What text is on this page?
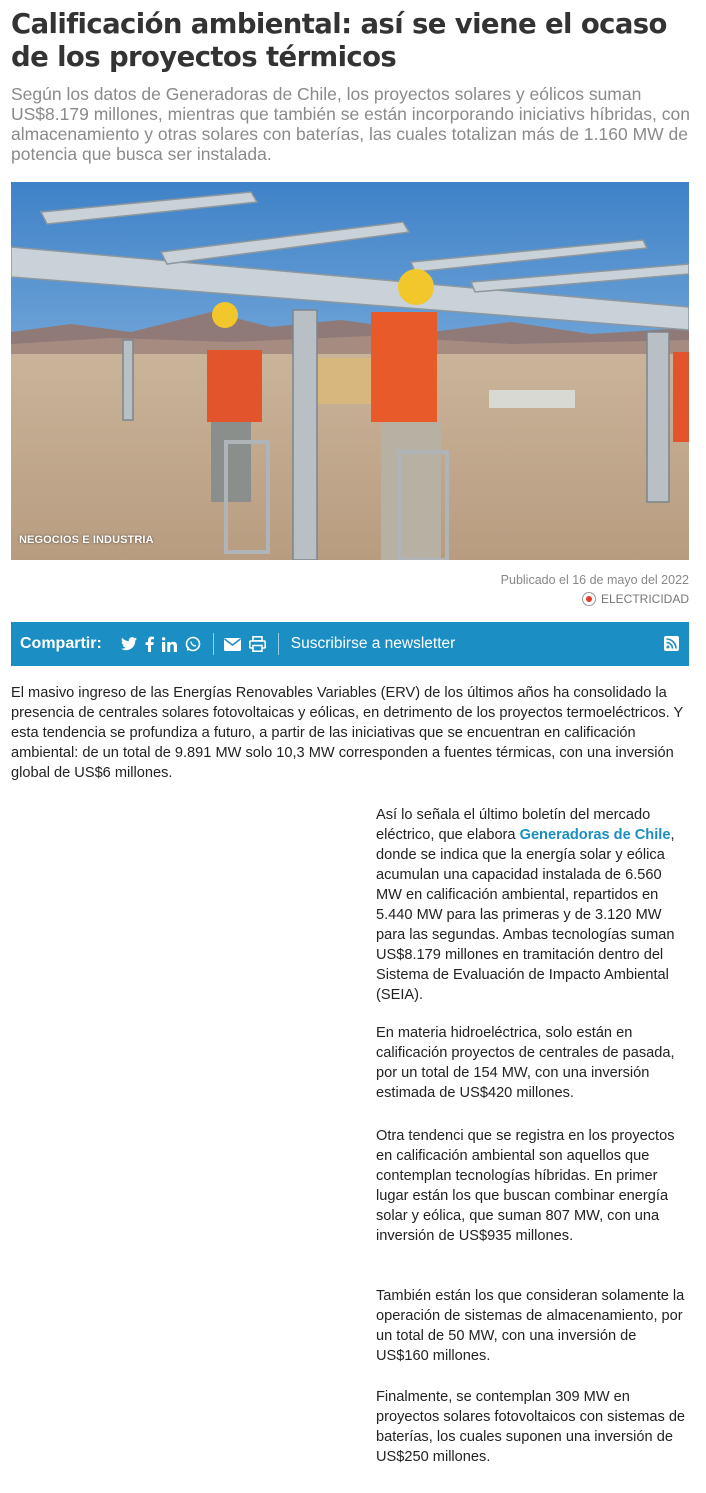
Calificación ambiental: así se viene el ocaso de los proyectos térmicos

Según los datos de Generadoras de Chile, los proyectos solares y eólicos suman US$8.179 millones, mientras que también se están incorporando iniciativs híbridas, con almacenamiento y otras solares con baterías, las cuales totalizan más de 1.160 MW de potencia que busca ser instalada.

NEGOCIOS E INDUSTRIA
Publicado el 16 de mayo del 2022
ELECTRICIDAD
Compartir:	Suscribirse a newsletter

El masivo ingreso de las Energías Renovables Variables (ERV) de los últimos años ha consolidado la presencia de centrales solares fotovoltaicas y eólicas, en detrimento de los proyectos termoeléctricos. Y esta tendencia se profundiza a futuro, a partir de las iniciativas que se encuentran en calificación ambiental: de un total de 9.891 MW solo 10,3 MW corresponden a fuentes térmicas, con una inversión global de US$6 millones.

Así lo señala el último boletín del mercado eléctrico, que elabora Generadoras de Chile, donde se indica que la energía solar y eólica acumulan una capacidad instalada de 6.560 MW en calificación ambiental, repartidos en 5.440 MW para las primeras y de 3.120 MW para las segundas. Ambas tecnologías suman US$8.179 millones en tramitación dentro del Sistema de Evaluación de Impacto Ambiental (SEIA).

En materia hidroeléctrica, solo están en calificación proyectos de centrales de pasada, por un total de 154 MW, con una inversión estimada de US$420 millones.

Otra tendenci que se registra en los proyectos en calificación ambiental son aquellos que contemplan tecnologías híbridas. En primer lugar están los que buscan combinar energía solar y eólica, que suman 807 MW, con una inversión de US$935 millones.

También están los que consideran solamente la operación de sistemas de almacenamiento, por un total de 50 MW, con una inversión de US$160 millones.

Finalmente, se contemplan 309 MW en proyectos solares fotovoltaicos con sistemas de baterías, los cuales suponen una inversión de US$250 millones.
